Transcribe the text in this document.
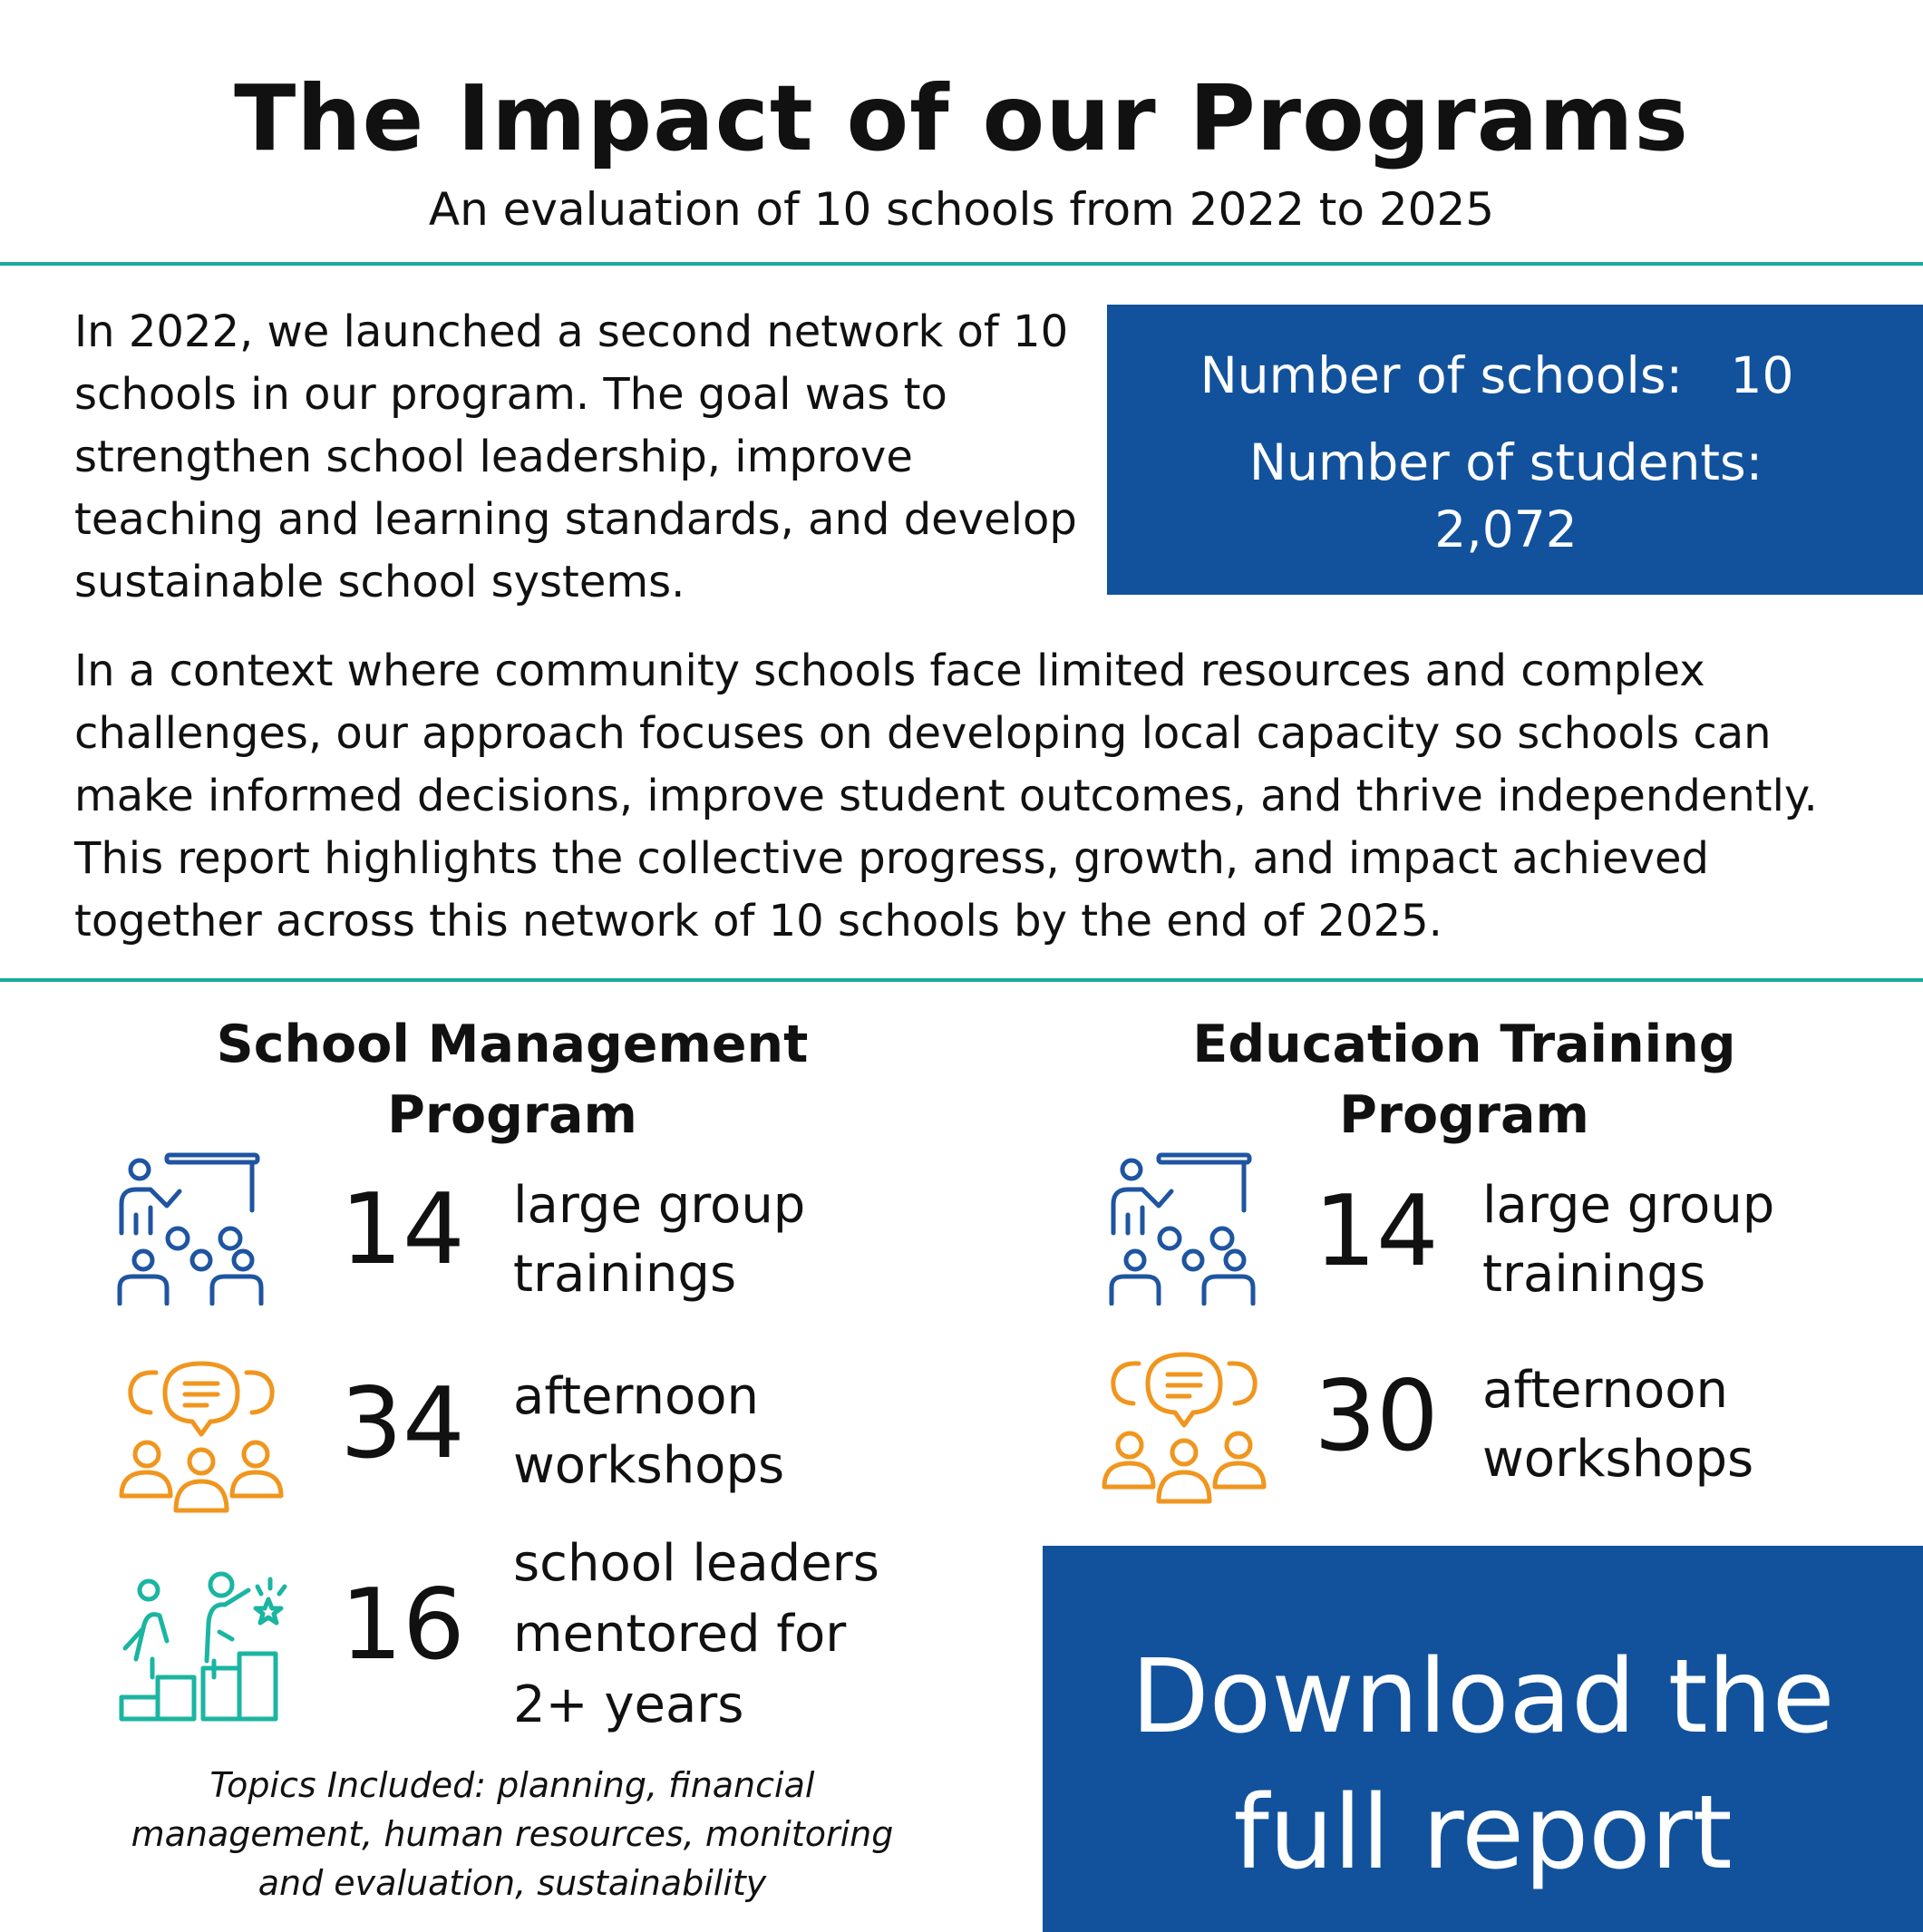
The Impact of our Programs
An evaluation of 10 schools from 2022 to 2025
In 2022, we launched a second network of 10 schools in our program. The goal was to strengthen school leadership, improve teaching and learning standards, and develop sustainable school systems.
Number of schools:   10
Number of students:
2,072
In a context where community schools face limited resources and complex challenges, our approach focuses on developing local capacity so schools can make informed decisions, improve student outcomes, and thrive independently. This report highlights the collective progress, growth, and impact achieved together across this network of 10 schools by the end of 2025.
School Management Program
14 large group
trainings
34 afternoon
workshops
16
school leaders
mentored for
2+ years
Topics Included: planning, financial management, human resources, monitoring and evaluation, sustainability
Education Training Program
14 large group
trainings
30 afternoon
workshops
Download the full report
